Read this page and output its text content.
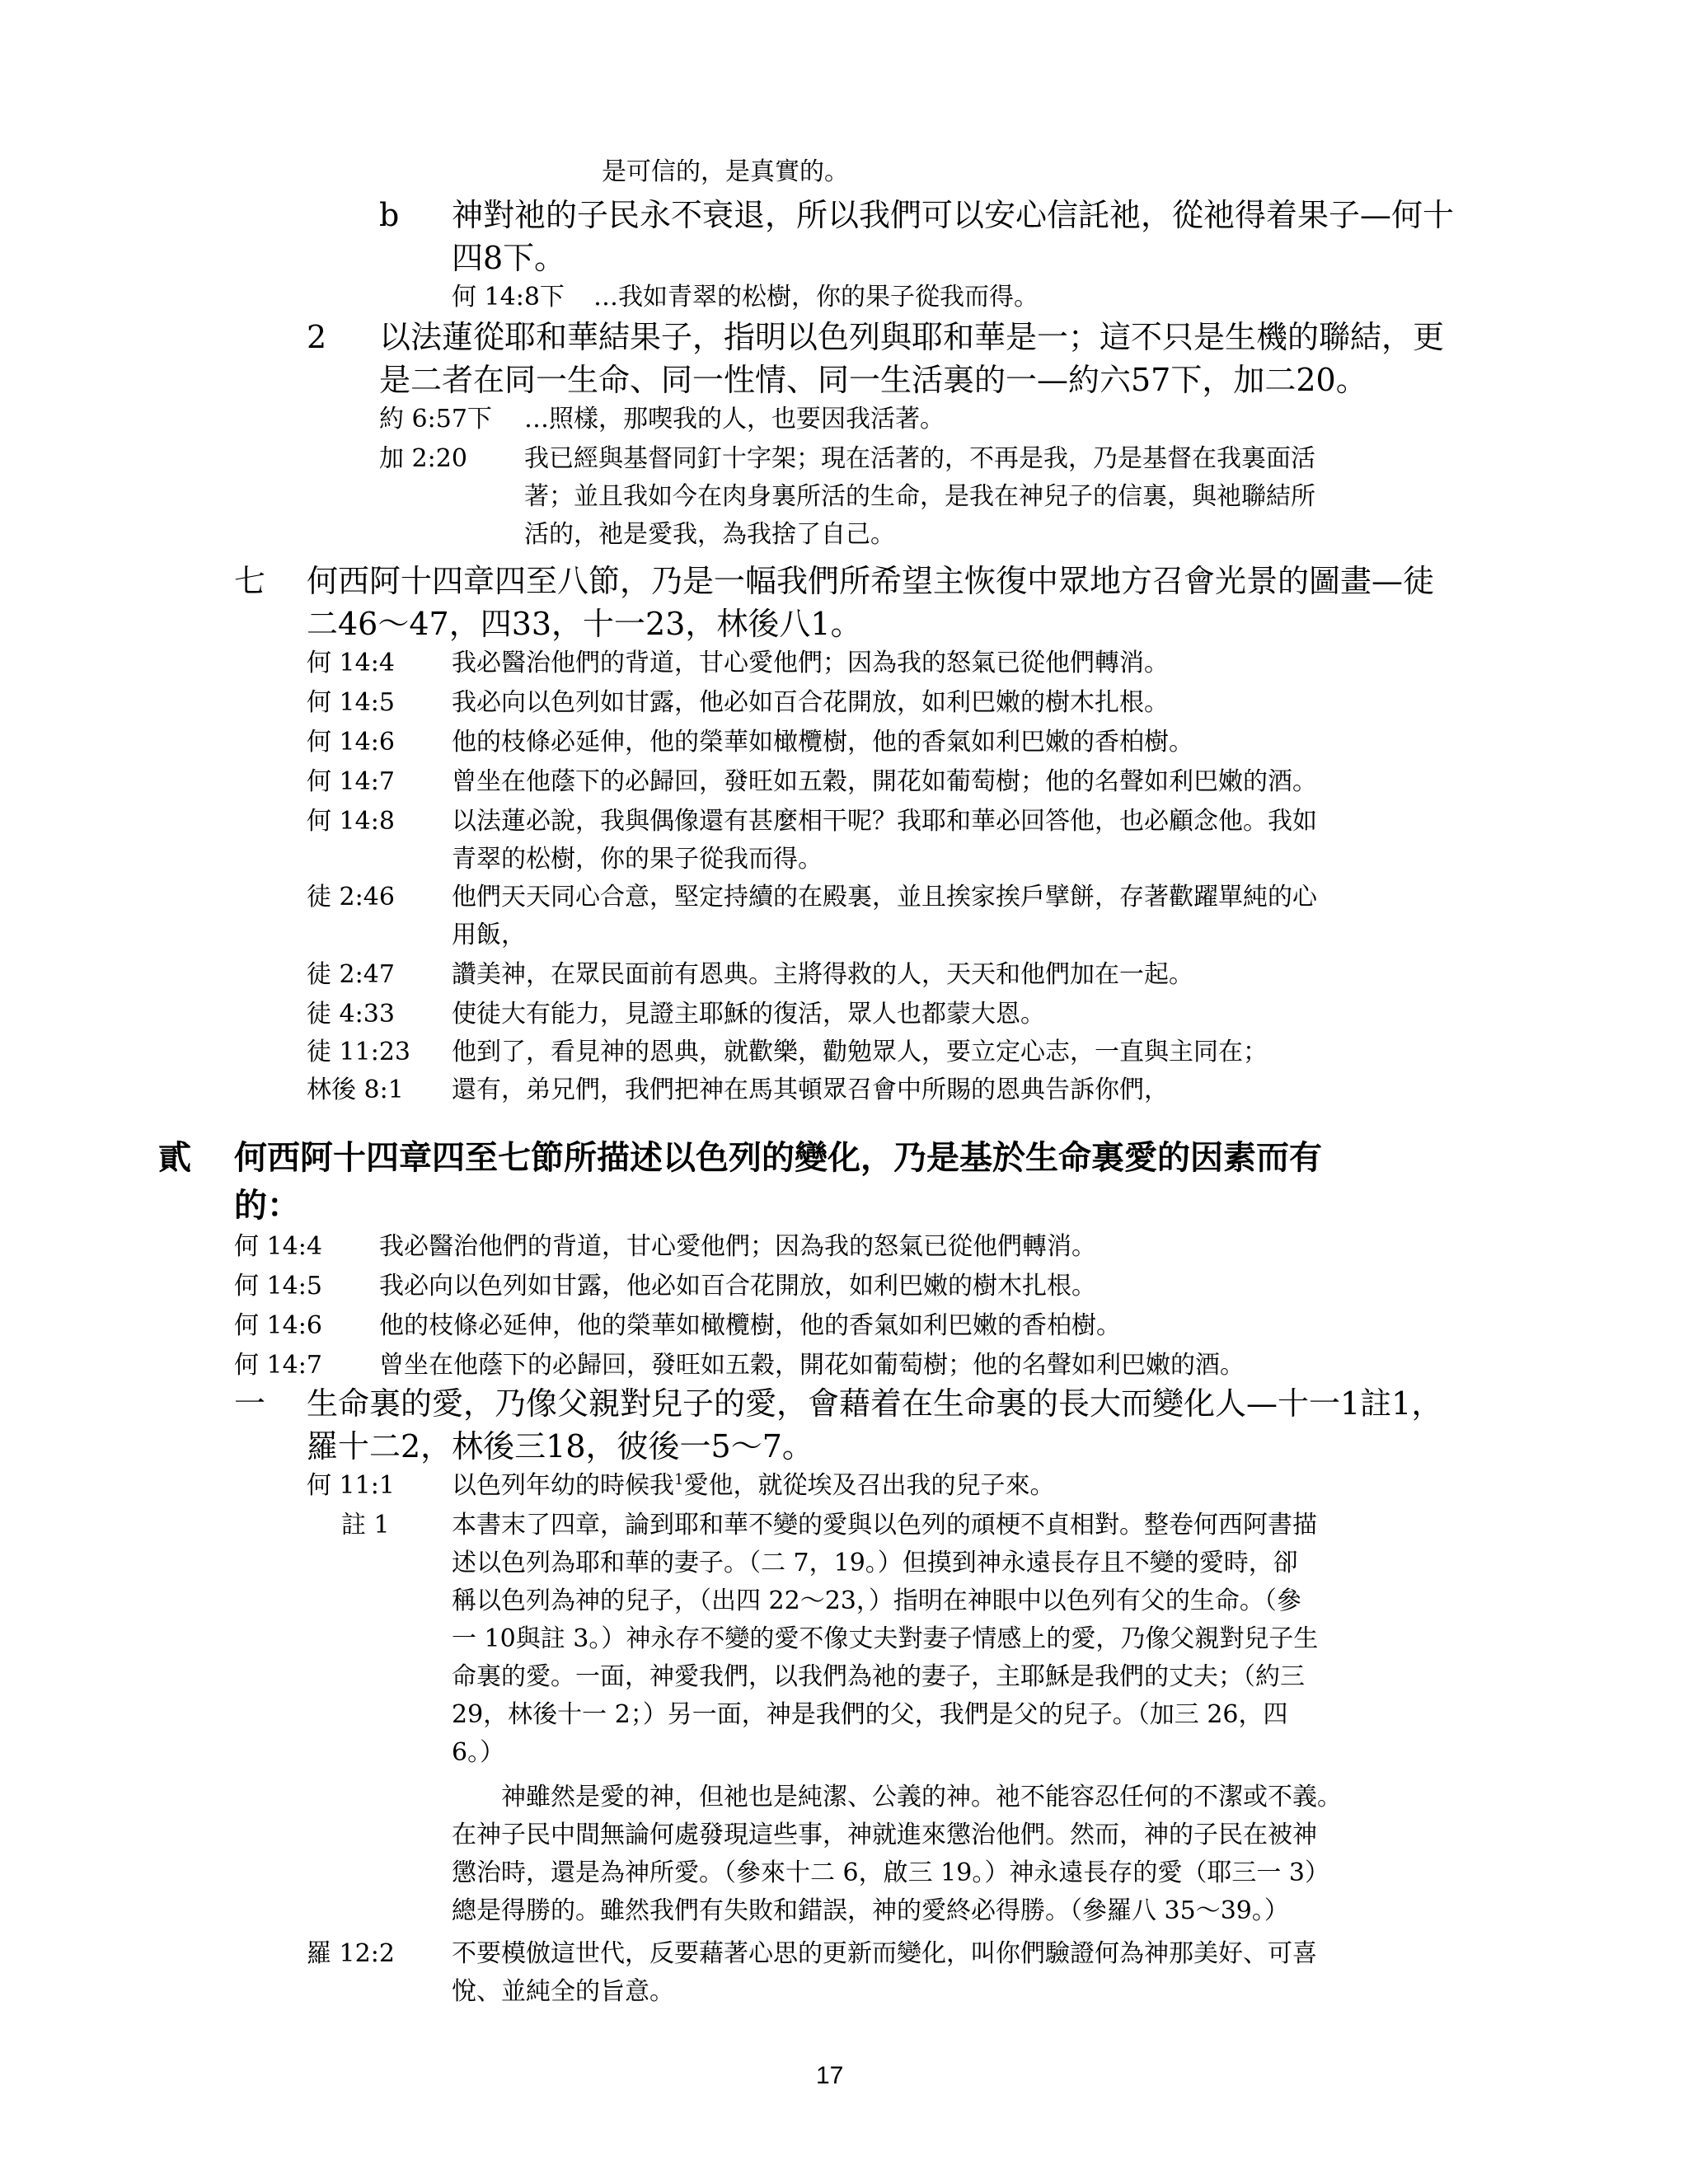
是可信的，是真實的。
b 神對祂的子民永不衰退，所以我們可以安心信託祂，從祂得着果子—何十
四8下。
何 14:8下 …我如青翠的松樹，你的果子從我而得。
2 以法蓮從耶和華結果子，指明以色列與耶和華是一；這不只是生機的聯結，更
是二者在同一生命、同一性情、同一生活裏的一—約六57下，加二20。
約 6:57下 …照樣，那喫我的人，也要因我活著。
加 2:20 我已經與基督同釘十字架；現在活著的，不再是我，乃是基督在我裏面活
著；並且我如今在肉身裏所活的生命，是我在神兒子的信裏，與祂聯結所
活的，祂是愛我，為我捨了自己。
七 何西阿十四章四至八節，乃是一幅我們所希望主恢復中眾地方召會光景的圖畫—徒
二46～47，四33，十一23，林後八1。
何 14:4 我必醫治他們的背道，甘心愛他們；因為我的怒氣已從他們轉消。
何 14:5 我必向以色列如甘露，他必如百合花開放，如利巴嫩的樹木扎根。
何 14:6 他的枝條必延伸，他的榮華如橄欖樹，他的香氣如利巴嫩的香柏樹。
何 14:7 曾坐在他蔭下的必歸回，發旺如五穀，開花如葡萄樹；他的名聲如利巴嫩的酒。
何 14:8 以法蓮必說，我與偶像還有甚麼相干呢？我耶和華必回答他，也必顧念他。我如
青翠的松樹，你的果子從我而得。
徒 2:46 他們天天同心合意，堅定持續的在殿裏，並且挨家挨戶擘餅，存著歡躍單純的心
用飯，
徒 2:47 讚美神，在眾民面前有恩典。主將得救的人，天天和他們加在一起。
徒 4:33 使徒大有能力，見證主耶穌的復活，眾人也都蒙大恩。
徒 11:23 他到了，看見神的恩典，就歡樂，勸勉眾人，要立定心志，一直與主同在；
林後 8:1 還有，弟兄們，我們把神在馬其頓眾召會中所賜的恩典告訴你們，
貳 何西阿十四章四至七節所描述以色列的變化，乃是基於生命裏愛的因素而有
的：
何 14:4 我必醫治他們的背道，甘心愛他們；因為我的怒氣已從他們轉消。
何 14:5 我必向以色列如甘露，他必如百合花開放，如利巴嫩的樹木扎根。
何 14:6 他的枝條必延伸，他的榮華如橄欖樹，他的香氣如利巴嫩的香柏樹。
何 14:7 曾坐在他蔭下的必歸回，發旺如五穀，開花如葡萄樹；他的名聲如利巴嫩的酒。
一 生命裏的愛，乃像父親對兒子的愛，會藉着在生命裏的長大而變化人—十一1註1，
羅十二2，林後三18，彼後一5～7。
何 11:1 以色列年幼的時候我$^1$愛他，就從埃及召出我的兒子來。
註 1	本書末了四章，論到耶和華不變的愛與以色列的頑梗不貞相對。整卷何西阿書描
述以色列為耶和華的妻子。（二 7，19。）但摸到神永遠長存且不變的愛時，卻
稱以色列為神的兒子，（出四 22～23，）指明在神眼中以色列有父的生命。（參
一 10與註 3。）神永存不變的愛不像丈夫對妻子情感上的愛，乃像父親對兒子生
命裏的愛。一面，神愛我們，以我們為祂的妻子，主耶穌是我們的丈夫；（約三
29，林後十一 2；）另一面，神是我們的父，我們是父的兒子。（加三 26，四
6。）
神雖然是愛的神，但祂也是純潔、公義的神。祂不能容忍任何的不潔或不義。
在神子民中間無論何處發現這些事，神就進來懲治他們。然而，神的子民在被神
懲治時，還是為神所愛。（參來十二 6，啟三 19。）神永遠長存的愛（耶三一 3）
總是得勝的。雖然我們有失敗和錯誤，神的愛終必得勝。（參羅八 35～39。）
羅 12:2 不要模倣這世代，反要藉著心思的更新而變化，叫你們驗證何為神那美好、可喜
悅、並純全的旨意。
17
